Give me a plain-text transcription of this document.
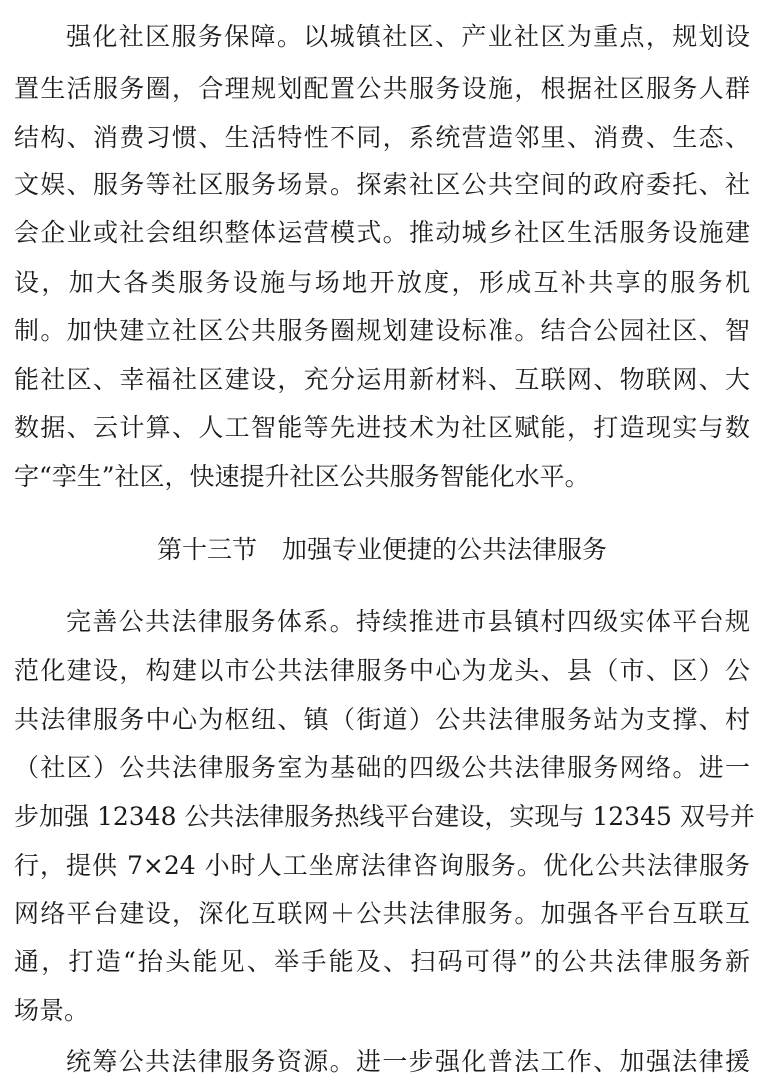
强化社区服务保障。以城镇社区、产业社区为重点，规划设
置生活服务圈，合理规划配置公共服务设施，根据社区服务人群
结构、消费习惯、生活特性不同，系统营造邻里、消费、生态、
文娱、服务等社区服务场景。探索社区公共空间的政府委托、社
会企业或社会组织整体运营模式。推动城乡社区生活服务设施建
设，加大各类服务设施与场地开放度，形成互补共享的服务机
制。加快建立社区公共服务圈规划建设标准。结合公园社区、智
能社区、幸福社区建设，充分运用新材料、互联网、物联网、大
数据、云计算、人工智能等先进技术为社区赋能，打造现实与数
字“孪生”社区，快速提升社区公共服务智能化水平。
第十三节　加强专业便捷的公共法律服务
完善公共法律服务体系。持续推进市县镇村四级实体平台规
范化建设，构建以市公共法律服务中心为龙头、县（市、区）公
共法律服务中心为枢纽、镇（街道）公共法律服务站为支撑、村
（社区）公共法律服务室为基础的四级公共法律服务网络。进一
步加强 12348 公共法律服务热线平台建设，实现与 12345 双号并
行，提供 7×24 小时人工坐席法律咨询服务。优化公共法律服务
网络平台建设，深化互联网＋公共法律服务。加强各平台互联互
通，打造“抬头能见、举手能及、扫码可得”的公共法律服务新
场景。
统筹公共法律服务资源。进一步强化普法工作、加强法律援
